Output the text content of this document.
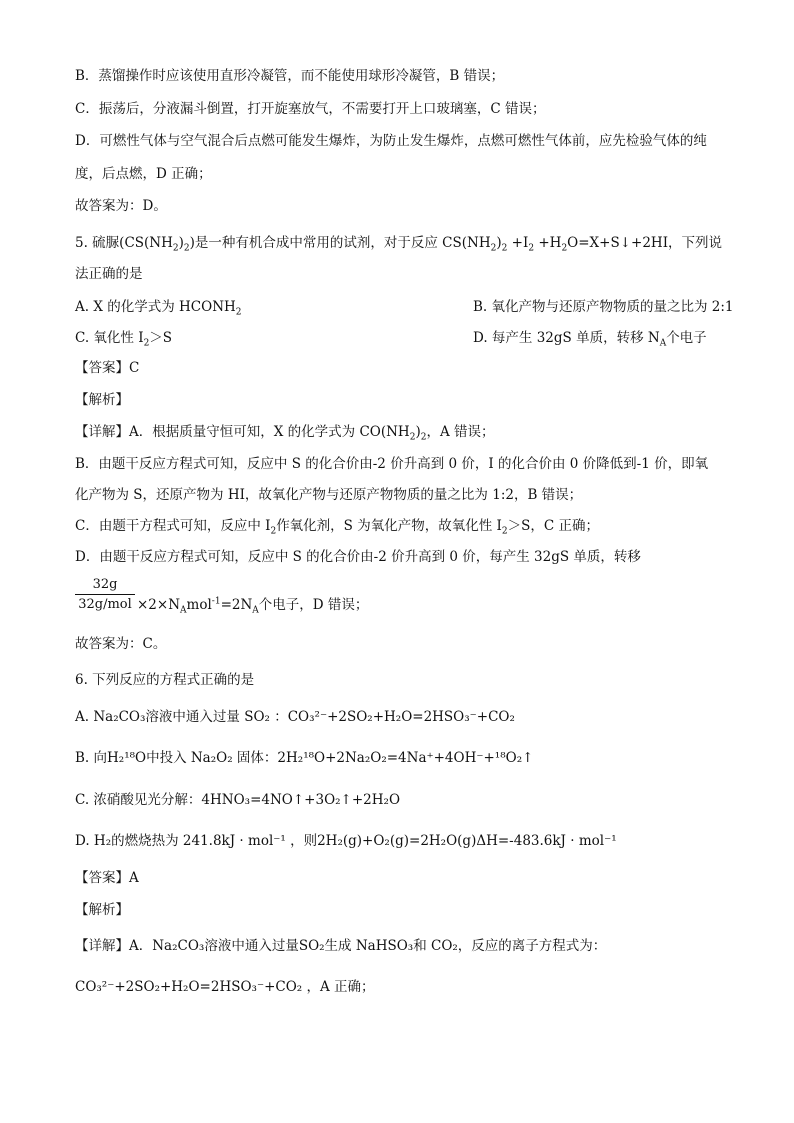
B．蒸馏操作时应该使用直形冷凝管，而不能使用球形冷凝管，B 错误；
C．振荡后，分液漏斗倒置，打开旋塞放气，不需要打开上口玻璃塞，C 错误；
D．可燃性气体与空气混合后点燃可能发生爆炸，为防止发生爆炸，点燃可燃性气体前，应先检验气体的纯
度，后点燃，D 正确；
故答案为：D。
5. 硫脲$(CS(NH_2)_2)$是一种有机合成中常用的试剂，对于反应 $CS(NH_2)_2 +I_2$ $+H_2O=X+S↓+2HI$，下列说
法正确的是
A. X 的化学式为 $HCONH_2$	B. 氧化产物与还原产物物质的量之比为 2:1
C. 氧化性 $I_2>S$	D. 每产生 32gS 单质，转移 $N_A$个电子
【答案】C
【解析】
【详解】A．根据质量守恒可知，X 的化学式为 $CO(NH_2)_2$，A 错误；
B．由题干反应方程式可知，反应中 S 的化合价由-2 价升高到 0 价，I 的化合价由 0 价降低到-1 价，即氧
化产物为 S，还原产物为 HI，故氧化产物与还原产物物质的量之比为 1:2，B 错误；
C．由题干方程式可知，反应中 $I_2$作氧化剂，S 为氧化产物，故氧化性 $I_2>S$，C 正确；
D．由题干反应方程式可知，反应中 S 的化合价由-2 价升高到 0 价，每产生 32gS 单质，转移
32g
$32g/mol \times 2\times N_Amol^{-1}=2N_A$个电子，D 错误；
故答案为：C。
6. 下列反应的方程式正确的是
A. Na₂CO₃溶液中通入过量 SO₂ ：CO₃²⁻+2SO₂+H₂O=2HSO₃⁻+CO₂
B. 向H₂¹⁸O中投入 Na₂O₂ 固体：2H₂¹⁸O+2Na₂O₂=4Na⁺+4OH⁻+¹⁸O₂↑
C. 浓硝酸见光分解：4HNO₃=4NO↑+3O₂↑+2H₂O
D. H₂的燃烧热为 241.8kJ · mol⁻¹ ，则2H₂(g)+O₂(g)=2H₂O(g)ΔH=-483.6kJ · mol⁻¹
【答案】A
【解析】
【详解】A．Na₂CO₃溶液中通入过量SO₂生成 NaHSO₃和 CO₂，反应的离子方程式为：
CO₃²⁻+2SO₂+H₂O=2HSO₃⁻+CO₂ ，A 正确；
